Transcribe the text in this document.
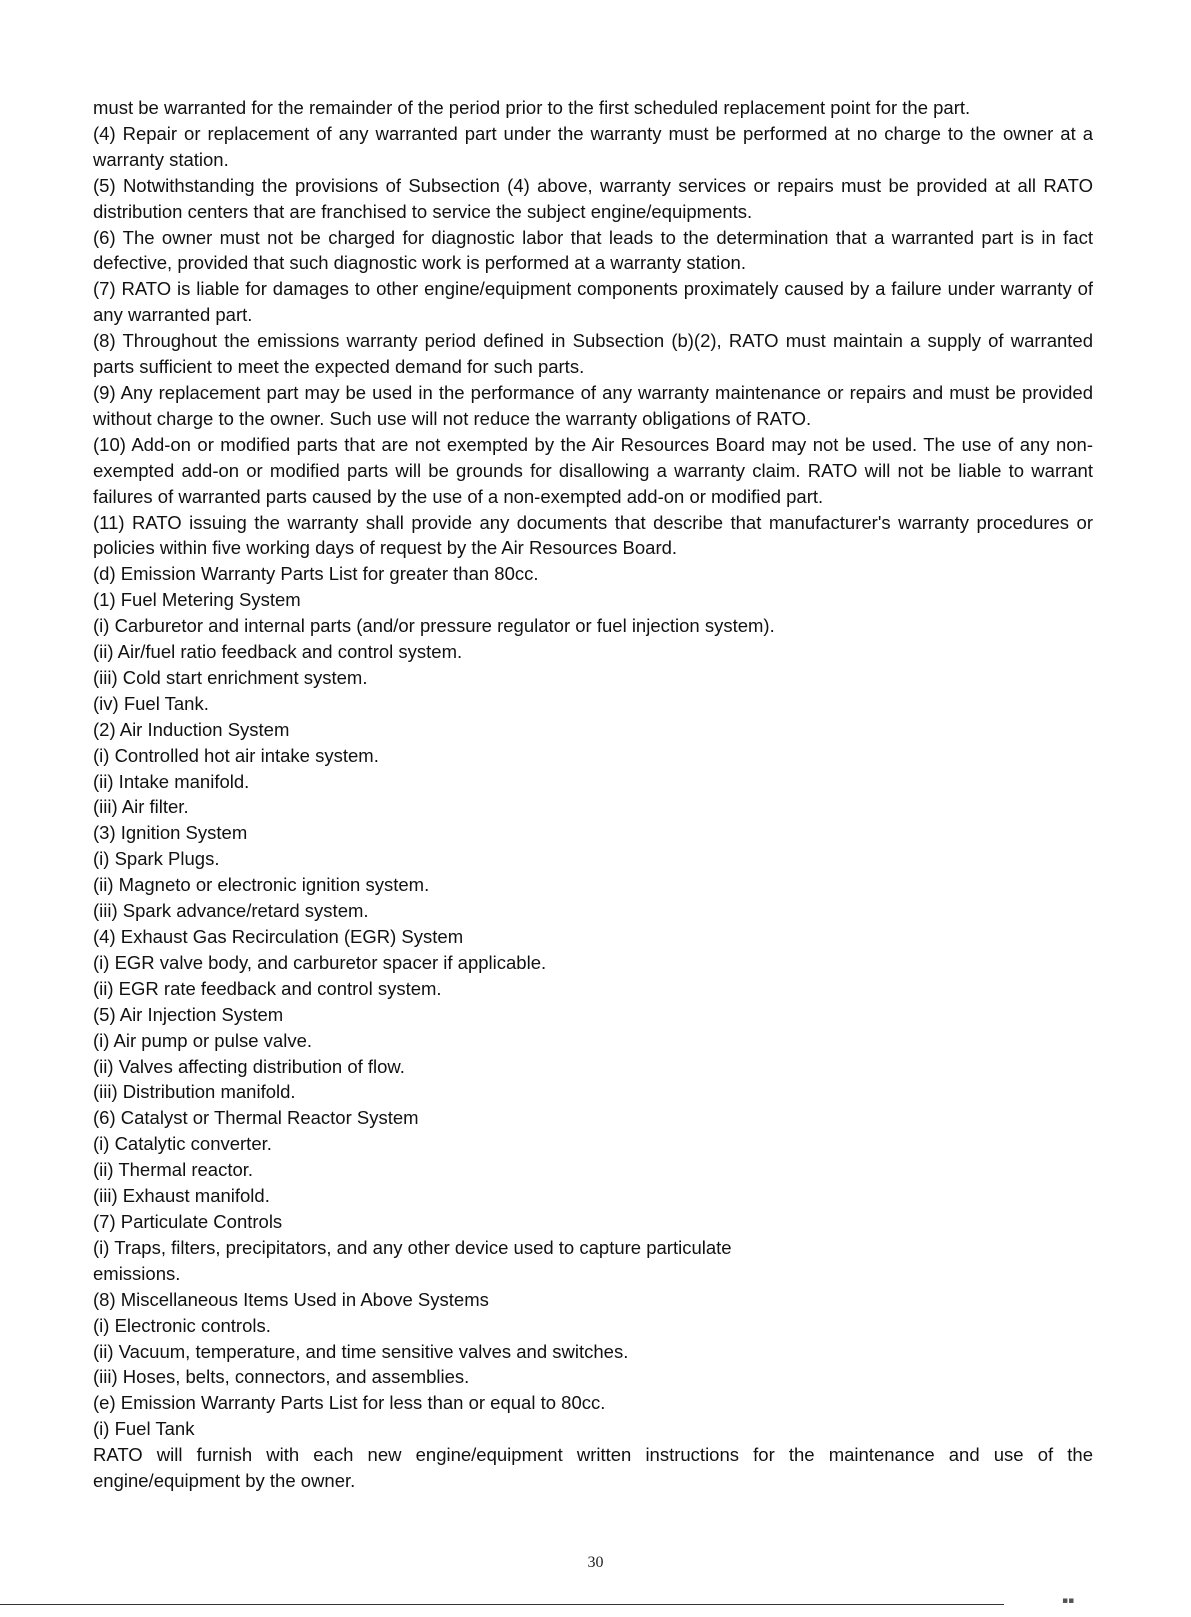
must be warranted for the remainder of the period prior to the first scheduled replacement point for the part.

(4) Repair or replacement of any warranted part under the warranty must be performed at no charge to the owner at a warranty station.

(5) Notwithstanding the provisions of Subsection (4) above, warranty services or repairs must be provided at all RATO distribution centers that are franchised to service the subject engine/equipments.

(6) The owner must not be charged for diagnostic labor that leads to the determination that a warranted part is in fact defective, provided that such diagnostic work is performed at a warranty station.

(7) RATO is liable for damages to other engine/equipment components proximately caused by a failure under warranty of any warranted part.

(8) Throughout the emissions warranty period defined in Subsection (b)(2), RATO must maintain a supply of warranted parts sufficient to meet the expected demand for such parts.

(9) Any replacement part may be used in the performance of any warranty maintenance or repairs and must be provided without charge to the owner. Such use will not reduce the warranty obligations of RATO.

(10) Add-on or modified parts that are not exempted by the Air Resources Board may not be used. The use of any non-exempted add-on or modified parts will be grounds for disallowing a warranty claim. RATO will not be liable to warrant failures of warranted parts caused by the use of a non-exempted add-on or modified part.

(11) RATO issuing the warranty shall provide any documents that describe that manufacturer's warranty procedures or policies within five working days of request by the Air Resources Board.

(d) Emission Warranty Parts List for greater than 80cc.

(1) Fuel Metering System

(i) Carburetor and internal parts (and/or pressure regulator or fuel injection system).

(ii) Air/fuel ratio feedback and control system.

(iii) Cold start enrichment system.

(iv) Fuel Tank.

(2) Air Induction System

(i) Controlled hot air intake system.

(ii) Intake manifold.

(iii) Air filter.

(3) Ignition System

(i) Spark Plugs.

(ii) Magneto or electronic ignition system.

(iii) Spark advance/retard system.

(4) Exhaust Gas Recirculation (EGR) System

(i) EGR valve body, and carburetor spacer if applicable.

(ii) EGR rate feedback and control system.

(5) Air Injection System

(i) Air pump or pulse valve.

(ii) Valves affecting distribution of flow.

(iii) Distribution manifold.

(6) Catalyst or Thermal Reactor System

(i) Catalytic converter.

(ii) Thermal reactor.

(iii) Exhaust manifold.

(7) Particulate Controls

(i) Traps, filters, precipitators, and any other device used to capture particulate

emissions.

(8) Miscellaneous Items Used in Above Systems

(i) Electronic controls.

(ii) Vacuum, temperature, and time sensitive valves and switches.

(iii) Hoses, belts, connectors, and assemblies.

(e) Emission Warranty Parts List for less than or equal to 80cc.

(i) Fuel Tank

RATO will furnish with each new engine/equipment written instructions for the maintenance and use of the engine/equipment by the owner.

30
▪▪
